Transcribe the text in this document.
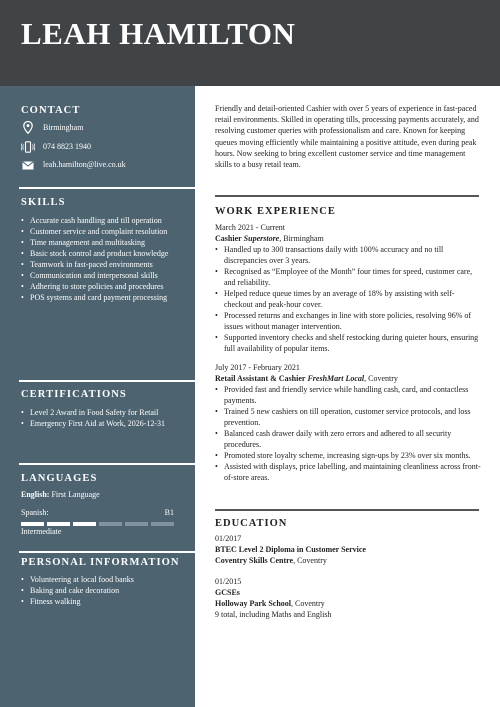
LEAH HAMILTON
CONTACT
Birmingham
074 8823 1940
leah.hamilton@live.co.uk
SKILLS
• Accurate cash handling and till operation
• Customer service and complaint resolution
• Time management and multitasking
• Basic stock control and product knowledge
• Teamwork in fast-paced environments
• Communication and interpersonal skills
• Adhering to store policies and procedures
• POS systems and card payment processing
CERTIFICATIONS
• Level 2 Award in Food Safety for Retail
• Emergency First Aid at Work, 2026-12-31
LANGUAGES
English: First Language
Spanish:	B1
Intermediate
PERSONAL INFORMATION
• Volunteering at local food banks
• Baking and cake decoration
• Fitness walking

Friendly and detail-oriented Cashier with over 5 years of experience in fast-paced retail environments. Skilled in operating tills, processing payments accurately, and resolving customer queries with professionalism and care. Known for keeping queues moving efficiently while maintaining a positive attitude, even during peak hours. Now seeking to bring excellent customer service and time management skills to a busy retail team.

WORK EXPERIENCE
March 2021 - Current
Cashier Superstore, Birmingham
• Handled up to 300 transactions daily with 100% accuracy and no till discrepancies over 3 years.
• Recognised as “Employee of the Month” four times for speed, customer care, and reliability.
• Helped reduce queue times by an average of 18% by assisting with self-checkout and peak-hour cover.
• Processed returns and exchanges in line with store policies, resolving 96% of issues without manager intervention.
• Supported inventory checks and shelf restocking during quieter hours, ensuring full availability of popular items.
July 2017 - February 2021
Retail Assistant & Cashier FreshMart Local, Coventry
• Provided fast and friendly service while handling cash, card, and contactless payments.
• Trained 5 new cashiers on till operation, customer service protocols, and loss prevention.
• Balanced cash drawer daily with zero errors and adhered to all security procedures.
• Promoted store loyalty scheme, increasing sign-ups by 23% over six months.
• Assisted with displays, price labelling, and maintaining cleanliness across front-of-store areas.
EDUCATION
01/2017
BTEC Level 2 Diploma in Customer Service
Coventry Skills Centre, Coventry
01/2015
GCSEs
Holloway Park School, Coventry
9 total, including Maths and English
